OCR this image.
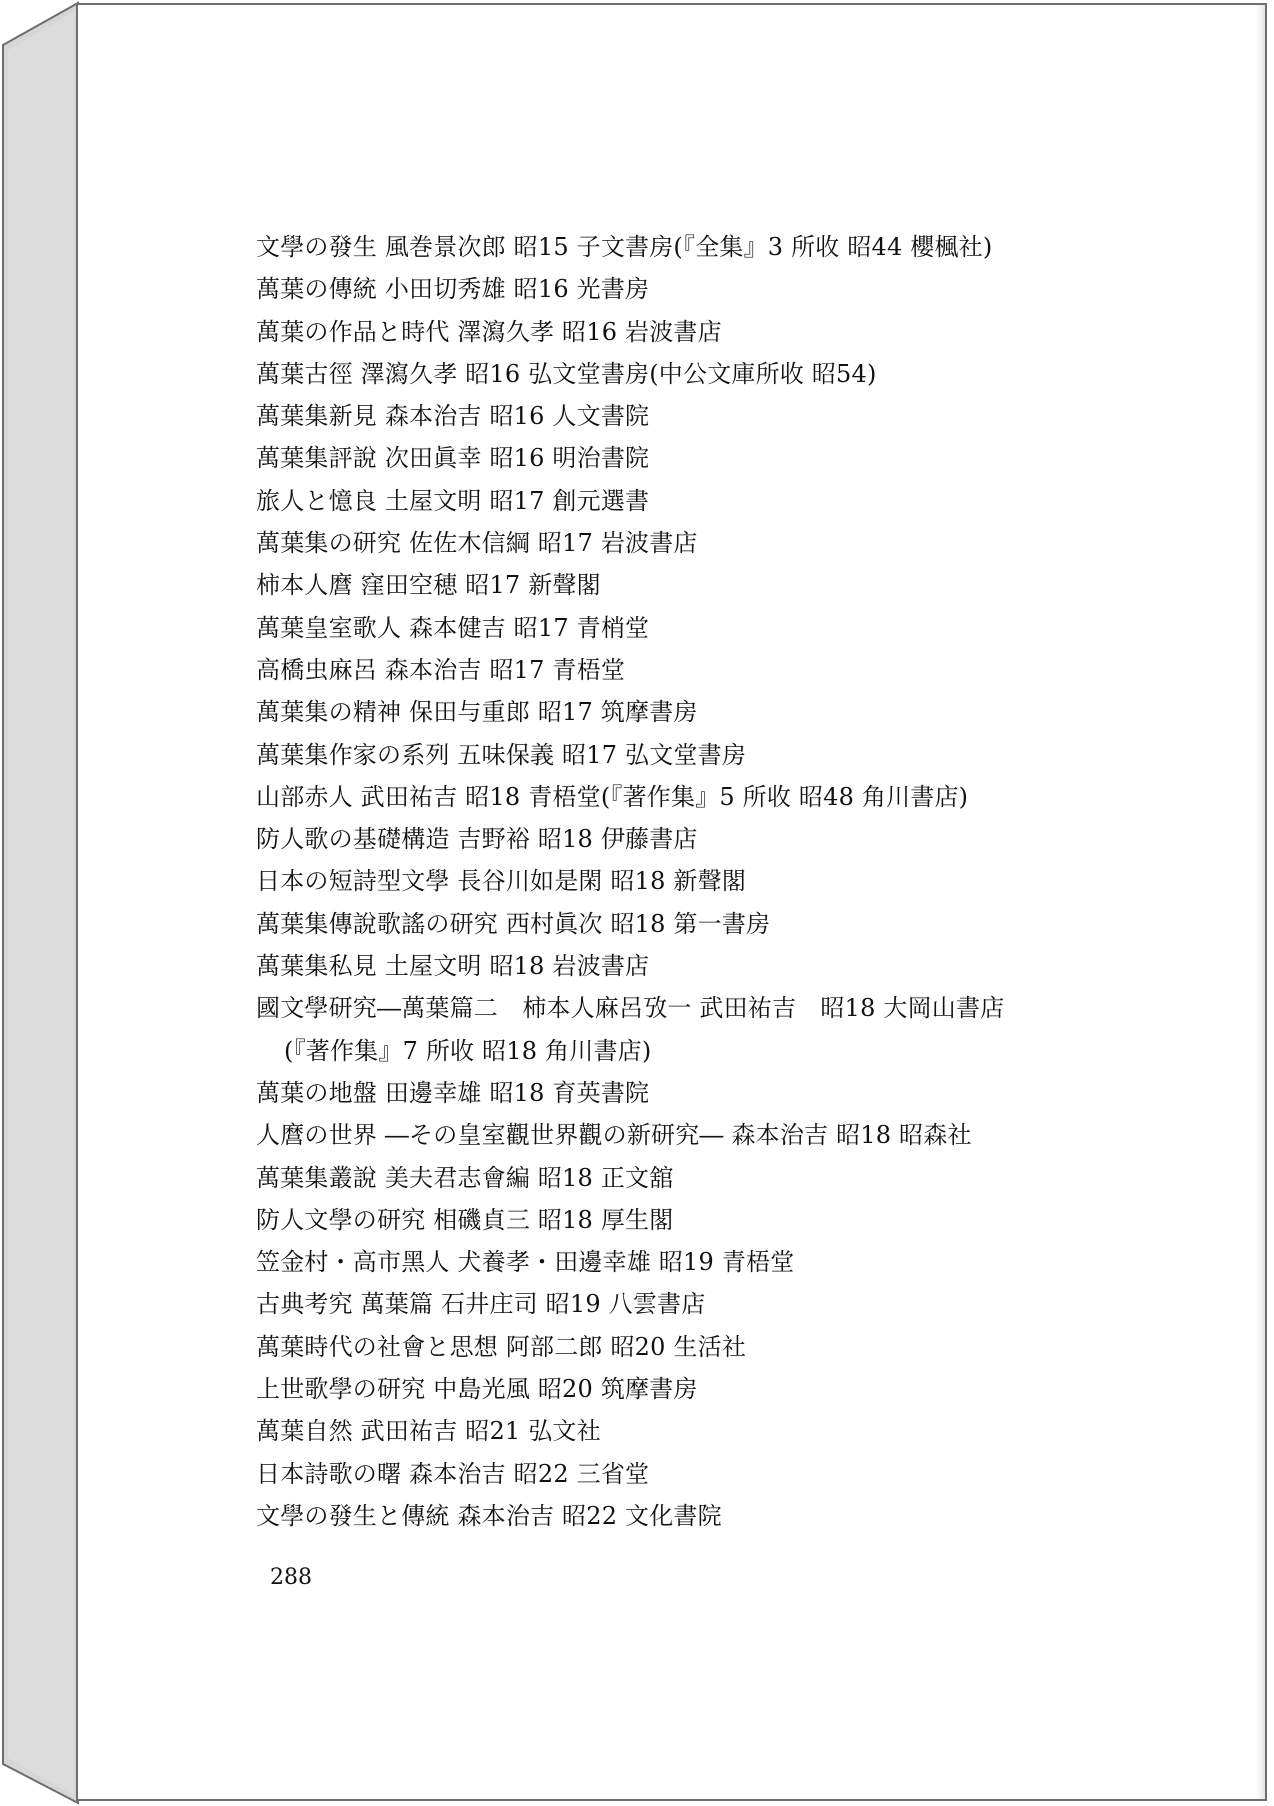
文學の發生 風巻景次郎 昭15 子文書房(『全集』3 所收 昭44 櫻楓社)
萬葉の傳統 小田切秀雄 昭16 光書房
萬葉の作品と時代 澤瀉久孝 昭16 岩波書店
萬葉古徑 澤瀉久孝 昭16 弘文堂書房(中公文庫所收 昭54)
萬葉集新見 森本治吉 昭16 人文書院
萬葉集評說 次田眞幸 昭16 明治書院
旅人と憶良 土屋文明 昭17 創元選書
萬葉集の研究 佐佐木信綱 昭17 岩波書店
柿本人麿 窪田空穂 昭17 新聲閣
萬葉皇室歌人 森本健吉 昭17 青梢堂
高橋虫麻呂 森本治吉 昭17 青梧堂
萬葉集の精神 保田与重郎 昭17 筑摩書房
萬葉集作家の系列 五味保義 昭17 弘文堂書房
山部赤人 武田祐吉 昭18 青梧堂(『著作集』5 所收 昭48 角川書店)
防人歌の基礎構造 吉野裕 昭18 伊藤書店
日本の短詩型文學 長谷川如是閑 昭18 新聲閣
萬葉集傳說歌謠の研究 西村眞次 昭18 第一書房
萬葉集私見 土屋文明 昭18 岩波書店
國文學研究―萬葉篇二　柿本人麻呂攷一 武田祐吉　昭18 大岡山書店
(『著作集』7 所收 昭18 角川書店)
萬葉の地盤 田邊幸雄 昭18 育英書院
人麿の世界 ―その皇室觀世界觀の新研究― 森本治吉 昭18 昭森社
萬葉集叢說 美夫君志會編 昭18 正文舘
防人文學の研究 相磯貞三 昭18 厚生閣
笠金村・高市黑人 犬養孝・田邊幸雄 昭19 青梧堂
古典考究 萬葉篇 石井庄司 昭19 八雲書店
萬葉時代の社會と思想 阿部二郎 昭20 生活社
上世歌學の研究 中島光風 昭20 筑摩書房
萬葉自然 武田祐吉 昭21 弘文社
日本詩歌の曙 森本治吉 昭22 三省堂
文學の發生と傳統 森本治吉 昭22 文化書院
288
